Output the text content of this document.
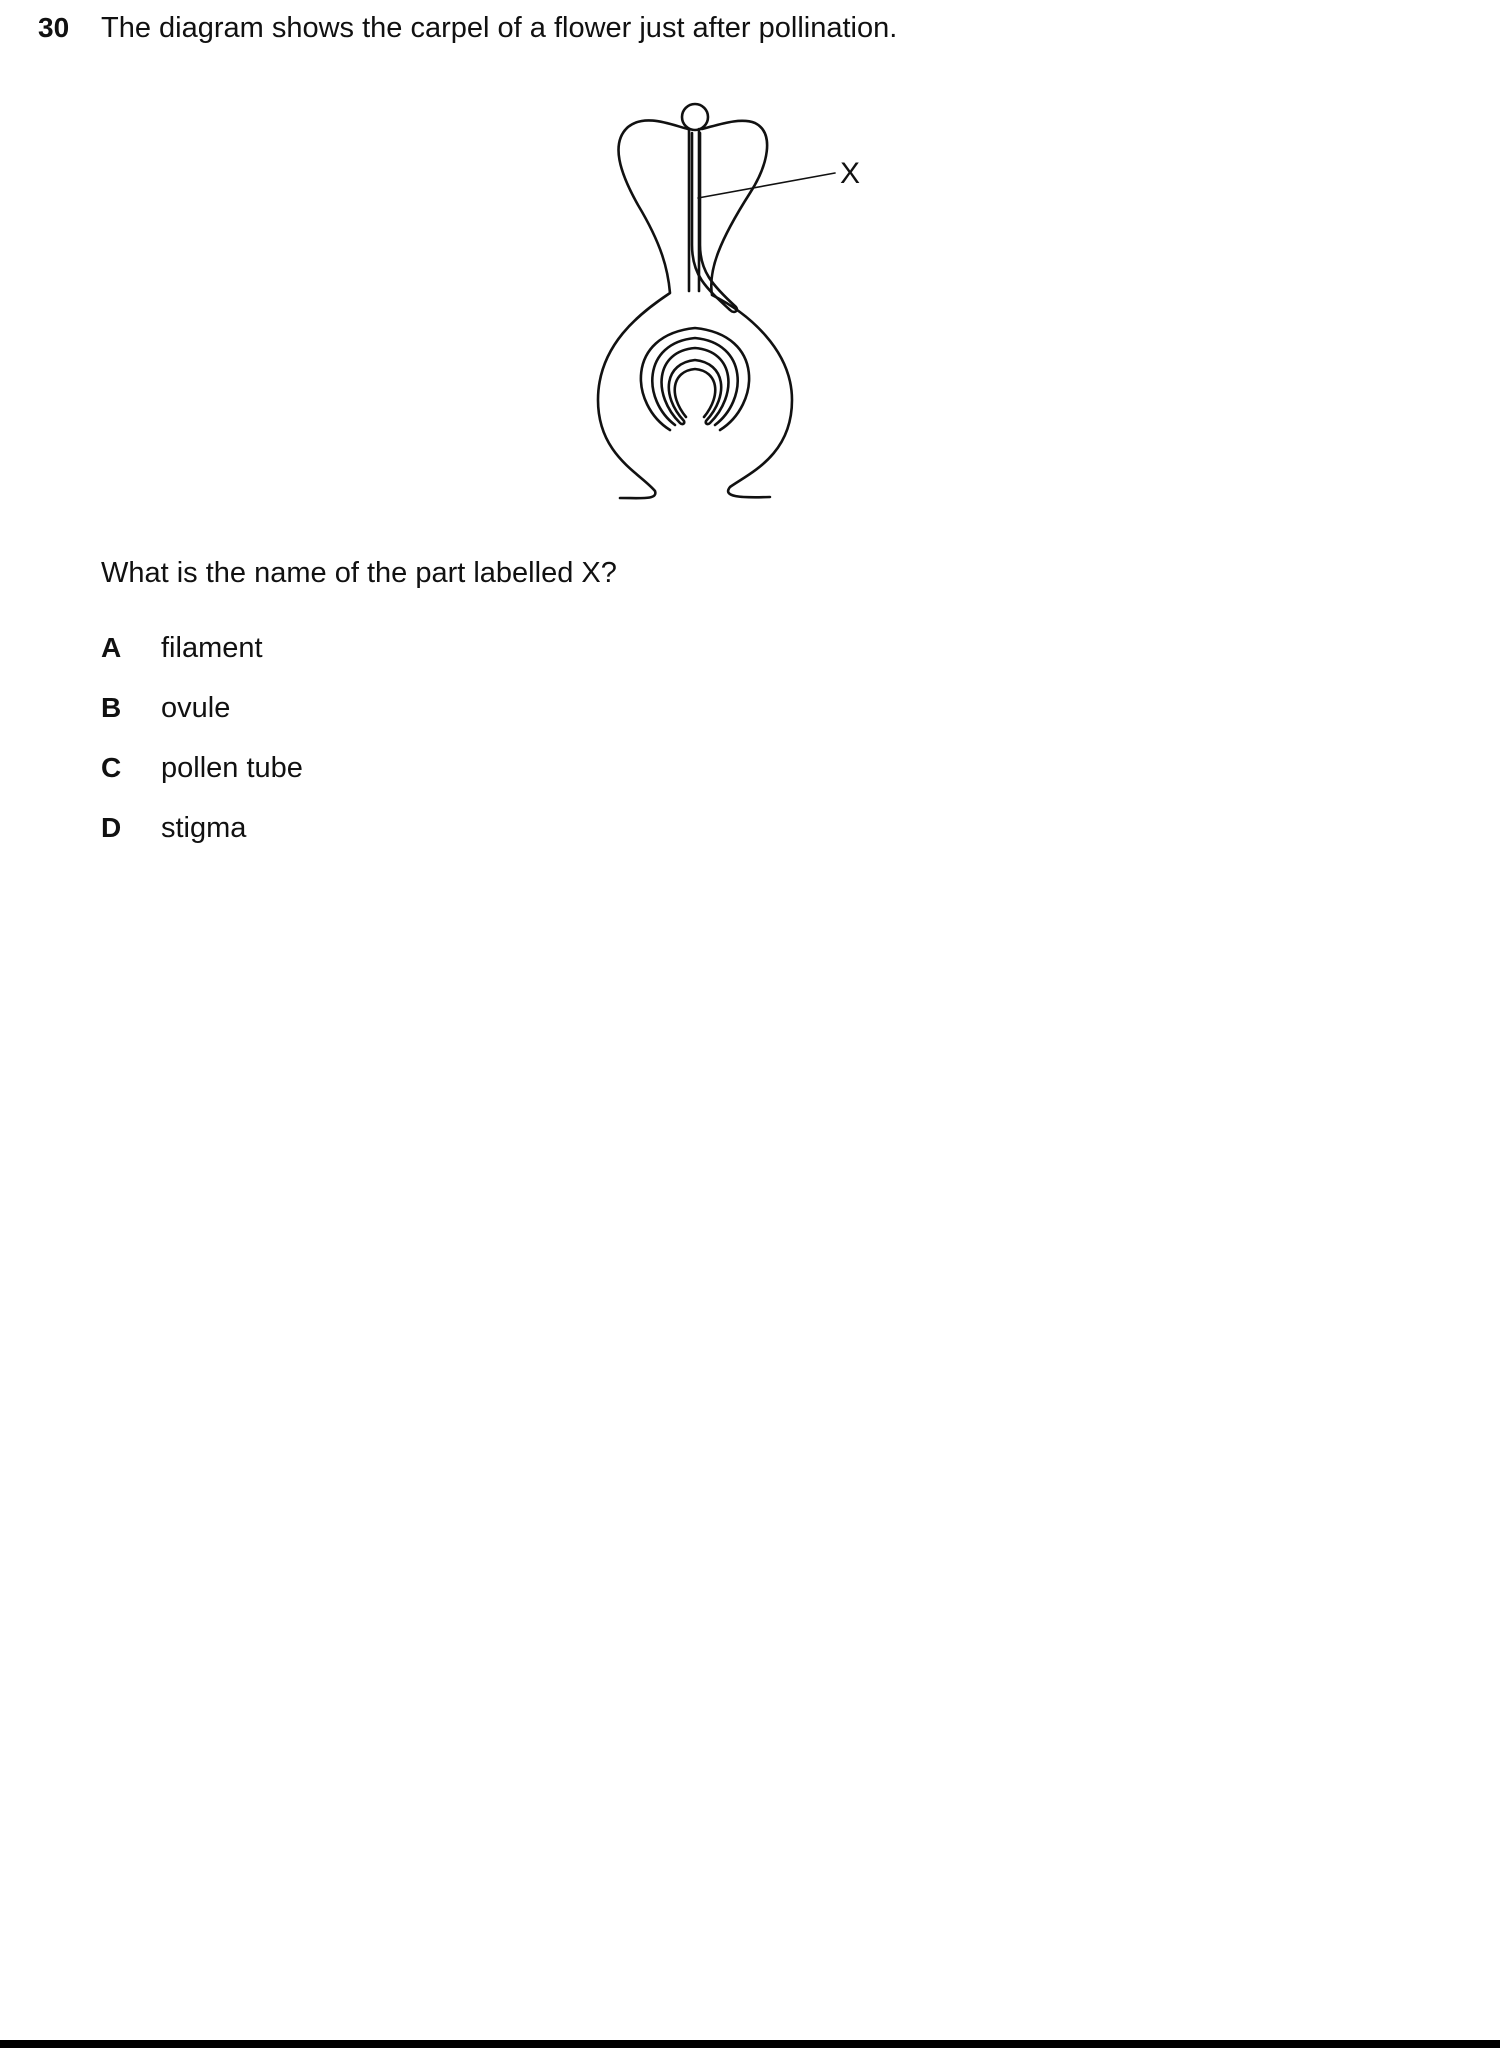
30 The diagram shows the carpel of a flower just after pollination.
X
What is the name of the part labelled X?
A filament
B ovule
C pollen tube
D stigma
